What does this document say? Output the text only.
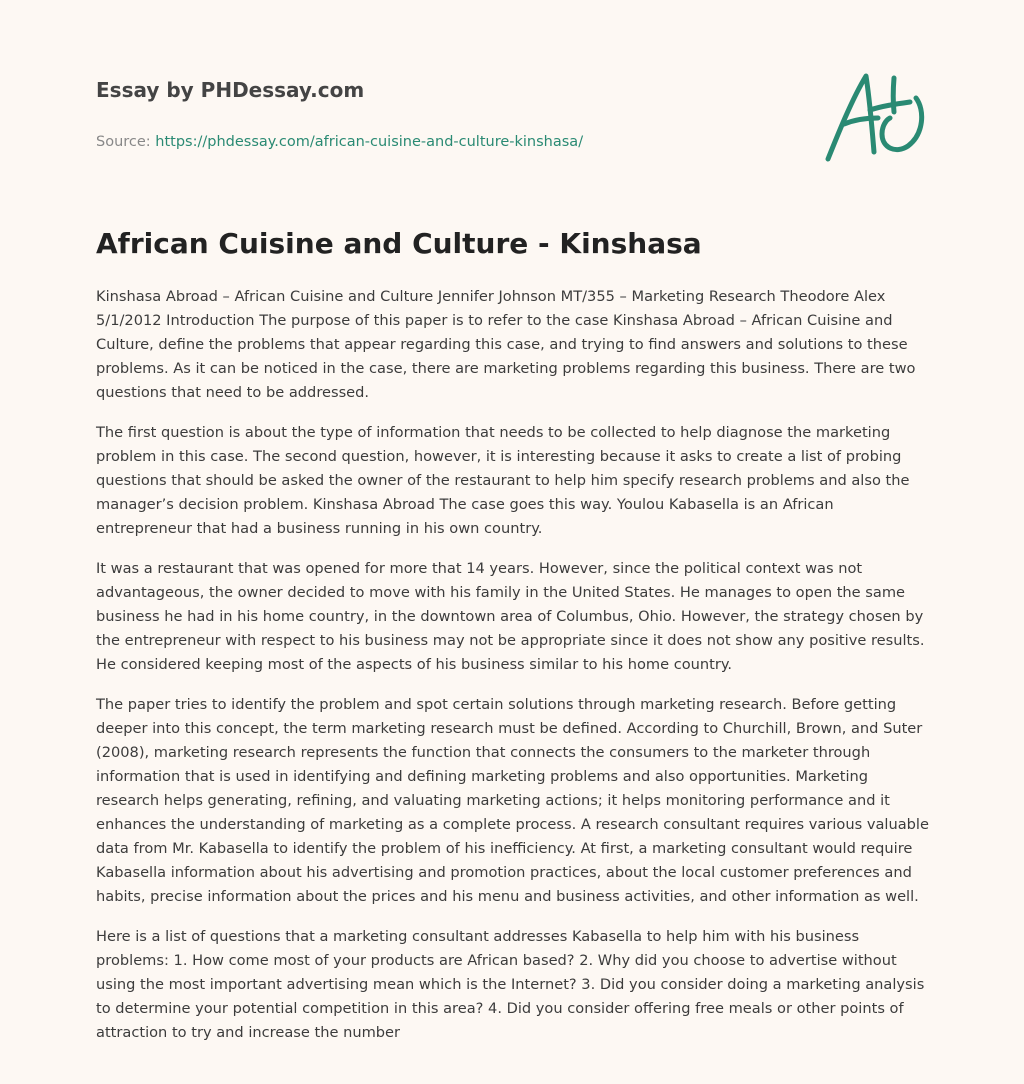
Essay by PHDessay.com
Source: https://phdessay.com/african-cuisine-and-culture-kinshasa/
African Cuisine and Culture - Kinshasa

Kinshasa Abroad – African Cuisine and Culture Jennifer Johnson MT/355 – Marketing Research Theodore Alex 5/1/2012 Introduction The purpose of this paper is to refer to the case Kinshasa Abroad – African Cuisine and Culture, define the problems that appear regarding this case, and trying to find answers and solutions to these problems. As it can be noticed in the case, there are marketing problems regarding this business. There are two questions that need to be addressed.

The first question is about the type of information that needs to be collected to help diagnose the marketing problem in this case. The second question, however, it is interesting because it asks to create a list of probing questions that should be asked the owner of the restaurant to help him specify research problems and also the manager’s decision problem. Kinshasa Abroad The case goes this way. Youlou Kabasella is an African entrepreneur that had a business running in his own country.

It was a restaurant that was opened for more that 14 years. However, since the political context was not advantageous, the owner decided to move with his family in the United States. He manages to open the same business he had in his home country, in the downtown area of Columbus, Ohio. However, the strategy chosen by the entrepreneur with respect to his business may not be appropriate since it does not show any positive results. He considered keeping most of the aspects of his business similar to his home country.

The paper tries to identify the problem and spot certain solutions through marketing research. Before getting deeper into this concept, the term marketing research must be defined. According to Churchill, Brown, and Suter (2008), marketing research represents the function that connects the consumers to the marketer through information that is used in identifying and defining marketing problems and also opportunities. Marketing research helps generating, refining, and valuating marketing actions; it helps monitoring performance and it enhances the understanding of marketing as a complete process. A research consultant requires various valuable data from Mr. Kabasella to identify the problem of his inefficiency. At first, a marketing consultant would require Kabasella information about his advertising and promotion practices, about the local customer preferences and habits, precise information about the prices and his menu and business activities, and other information as well.

Here is a list of questions that a marketing consultant addresses Kabasella to help him with his business problems: 1. How come most of your products are African based? 2. Why did you choose to advertise without using the most important advertising mean which is the Internet? 3. Did you consider doing a marketing analysis to determine your potential competition in this area? 4. Did you consider offering free meals or other points of attraction to try and increase the number
